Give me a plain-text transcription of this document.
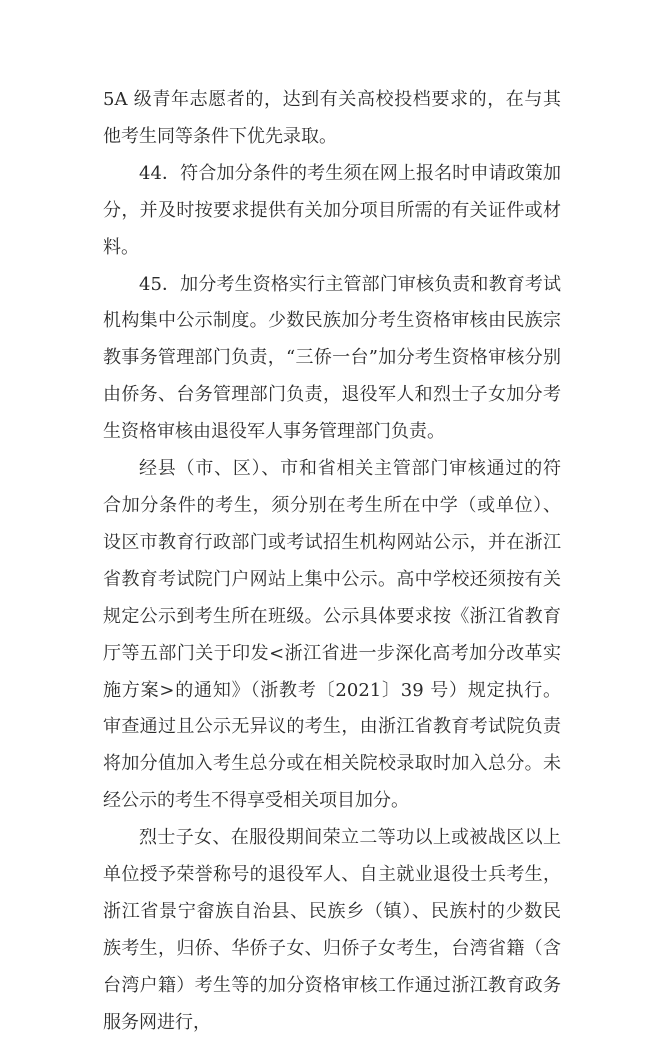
5A 级青年志愿者的，达到有关高校投档要求的，在与其他考生同等条件下优先录取。

44．符合加分条件的考生须在网上报名时申请政策加分，并及时按要求提供有关加分项目所需的有关证件或材料。

45．加分考生资格实行主管部门审核负责和教育考试机构集中公示制度。少数民族加分考生资格审核由民族宗教事务管理部门负责，“三侨一台”加分考生资格审核分别由侨务、台务管理部门负责，退役军人和烈士子女加分考生资格审核由退役军人事务管理部门负责。

经县（市、区）、市和省相关主管部门审核通过的符合加分条件的考生，须分别在考生所在中学（或单位）、设区市教育行政部门或考试招生机构网站公示，并在浙江省教育考试院门户网站上集中公示。高中学校还须按有关规定公示到考生所在班级。公示具体要求按《浙江省教育厅等五部门关于印发<浙江省进一步深化高考加分改革实施方案>的通知》（浙教考〔2021〕39 号）规定执行。审查通过且公示无异议的考生，由浙江省教育考试院负责将加分值加入考生总分或在相关院校录取时加入总分。未经公示的考生不得享受相关项目加分。

烈士子女、在服役期间荣立二等功以上或被战区以上单位授予荣誉称号的退役军人、自主就业退役士兵考生，浙江省景宁畲族自治县、民族乡（镇）、民族村的少数民族考生，归侨、华侨子女、归侨子女考生，台湾省籍（含台湾户籍）考生等的加分资格审核工作通过浙江教育政务服务网进行，
